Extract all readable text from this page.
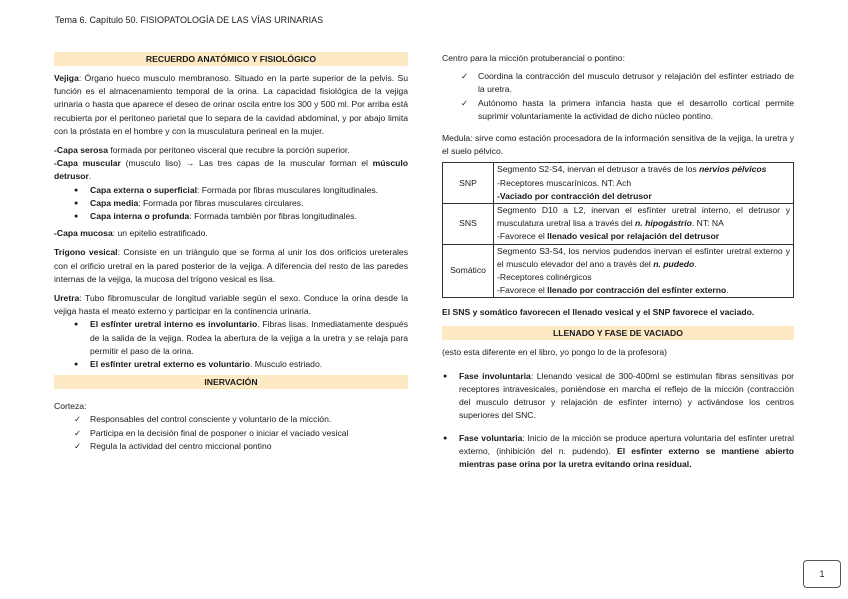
Tema 6. Capítulo 50. FISIOPATOLOGÍA DE LAS VÍAS URINARIAS
RECUERDO ANATÓMICO Y FISIOLÓGICO

Vejiga: Órgano hueco musculo membranoso. Situado en la parte superior de la pelvis. Su función es el almacenamiento temporal de la orina. La capacidad fisiológica de la vejiga urinaria o hasta que aparece el deseo de orinar oscila entre los 300 y 500 ml. Por arriba está recubierta por el peritoneo parietal que lo separa de la cavidad abdominal, y por abajo limita con la próstata en el hombre y con la musculatura perineal en la mujer.

-Capa serosa formada por peritoneo visceral que recubre la porción superior.

-Capa muscular (musculo liso) → Las tres capas de la muscular forman el músculo detrusor.

● Capa externa o superficial: Formada por fibras musculares longitudinales.
● Capa media: Formada por fibras musculares circulares.
● Capa interna o profunda: Formada también por fibras longitudinales.

-Capa mucosa: un epitelio estratificado.

Trígono vesical: Consiste en un triángulo que se forma al unir los dos orificios ureterales con el orificio uretral en la pared posterior de la vejiga. A diferencia del resto de las paredes internas de la vejiga, la mucosa del trígono vesical es lisa.

Uretra: Tubo fibromuscular de longitud variable según el sexo. Conduce la orina desde la vejiga hasta el meato externo y participar en la continencia urinaria.

● El esfínter uretral interno es involuntario. Fibras lisas. Inmediatamente después de la salida de la vejiga. Rodea la abertura de la vejiga a la uretra y se relaja para permitir el paso de la orina.
● El esfínter uretral externo es voluntario. Musculo estriado.
INERVACIÓN

Corteza:

✓ Responsables del control consciente y voluntario de la micción.
✓ Participa en la decisión final de posponer o iniciar el vaciado vesical
✓ Regula la actividad del centro miccional pontino

Centro para la micción protuberancial o pontino:

✓ Coordina la contracción del musculo detrusor y relajación del esfínter estriado de la uretra.
✓ Autónomo hasta la primera infancia hasta que el desarrollo cortical permite suprimir voluntariamente la actividad de dicho núcleo pontino.

Medula: sirve como estación procesadora de la información sensitiva de la vejiga, la uretra y el suelo pélvico.

SNP	Segmento S2-S4, inervan el detrusor a través de los nervios pélvicos
-Receptores muscarínicos. NT: Ach
-Vaciado por contracción del detrusor
SNS	Segmento D10 a L2, inervan el esfínter uretral interno, el detrusor y musculatura uretral lisa a través del n. hipogástrio. NT: NA
-Favorece el llenado vesical por relajación del detrusor
Somático	Segmento S3-S4, los nervios pudendos inervan el esfínter uretral externo y el musculo elevador del ano a través del n. pudedo.
-Receptores colinérgicos
-Favorece el llenado por contracción del esfínter externo.

El SNS y somático favorecen el llenado vesical y el SNP favorece el vaciado.

LLENADO Y FASE DE VACIADO

(esto esta diferente en el libro, yo pongo lo de la profesora)

● Fase involuntaria: Llenando vesical de 300-400ml se estimulan fibras sensitivas por receptores intravesicales, poniéndose en marcha el reflejo de la micción (contracción del musculo detrusor y relajación de esfínter interno) y activándose los centros superiores del SNC.
● Fase voluntaria: Inicio de la micción se produce apertura voluntaria del esfínter uretral externo, (inhibición del n. pudendo). El esfínter externo se mantiene abierto mientras pase orina por la uretra evitando orina residual.
1
